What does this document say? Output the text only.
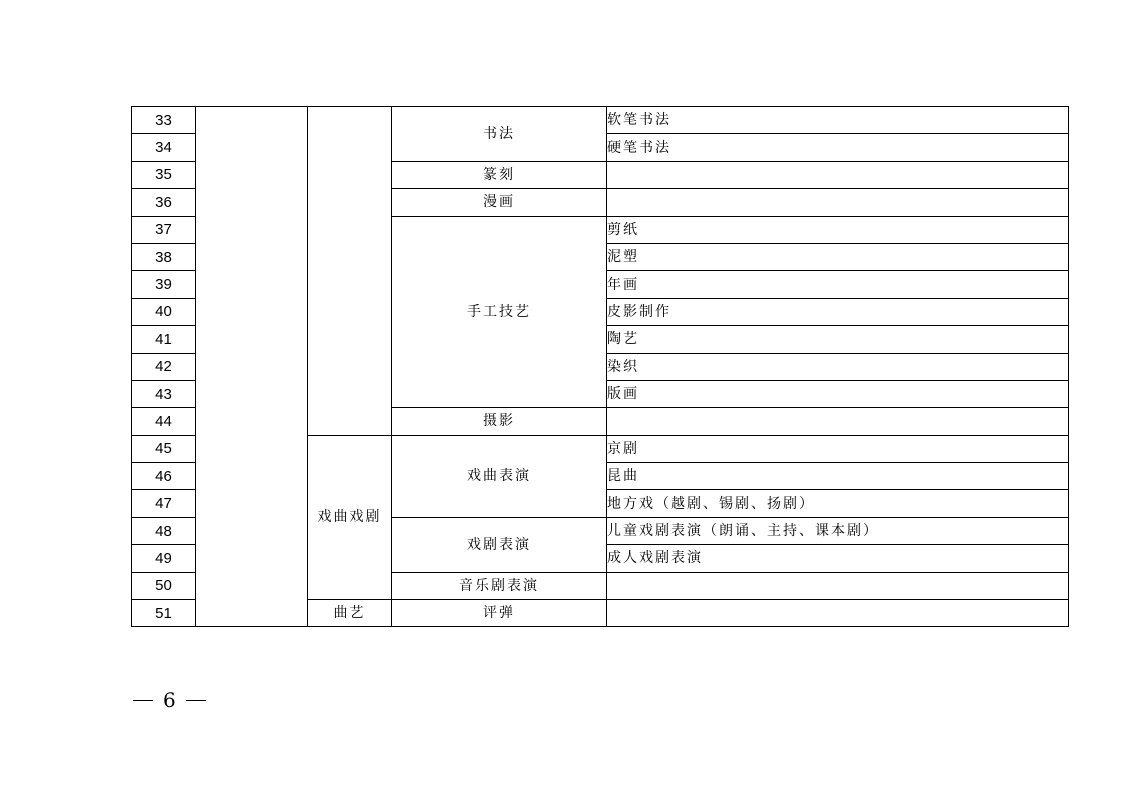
33			书法	软笔书法
34				硬笔书法
35			篆刻	
36			漫画	
37			手工技艺	剪纸
38				泥塑
39				年画
40				皮影制作
41				陶艺
42				染织
43				版画
44			摄影	
45		戏曲戏剧	戏曲表演	京剧
46				昆曲
47				地方戏（越剧、锡剧、扬剧）
48			戏剧表演	儿童戏剧表演（朗诵、主持、课本剧）
49				成人戏剧表演
50			音乐剧表演	
51		曲艺	评弹	
6
